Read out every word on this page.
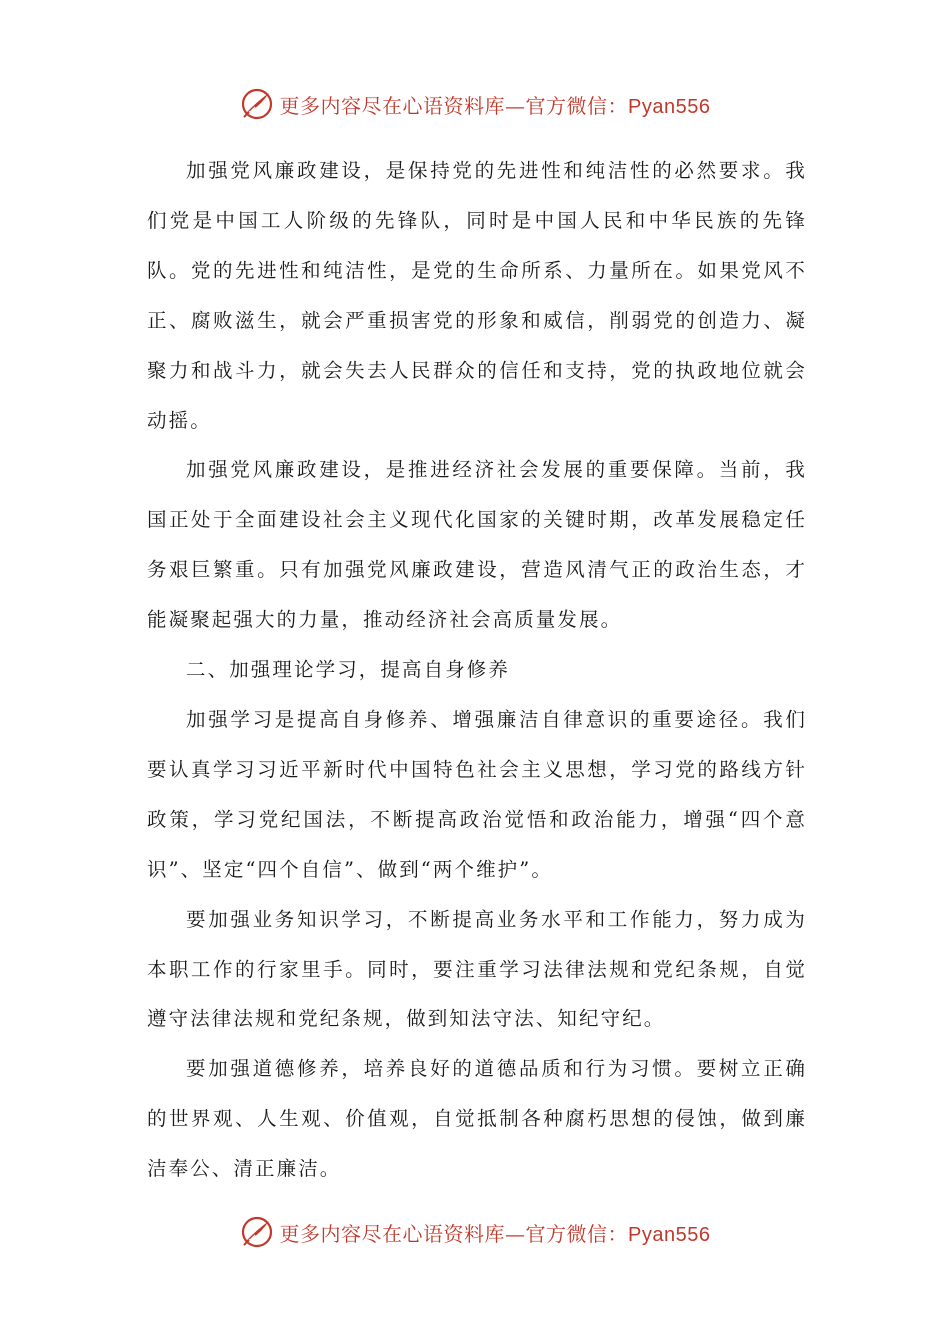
更多内容尽在心语资料库—官方微信：Pyan556

加强党风廉政建设，是保持党的先进性和纯洁性的必然要求。我们党是中国工人阶级的先锋队，同时是中国人民和中华民族的先锋队。党的先进性和纯洁性，是党的生命所系、力量所在。如果党风不正、腐败滋生，就会严重损害党的形象和威信，削弱党的创造力、凝聚力和战斗力，就会失去人民群众的信任和支持，党的执政地位就会动摇。

加强党风廉政建设，是推进经济社会发展的重要保障。当前，我国正处于全面建设社会主义现代化国家的关键时期，改革发展稳定任务艰巨繁重。只有加强党风廉政建设，营造风清气正的政治生态，才能凝聚起强大的力量，推动经济社会高质量发展。

二、加强理论学习，提高自身修养

加强学习是提高自身修养、增强廉洁自律意识的重要途径。我们要认真学习习近平新时代中国特色社会主义思想，学习党的路线方针政策，学习党纪国法，不断提高政治觉悟和政治能力，增强“四个意识”、坚定“四个自信”、做到“两个维护”。

要加强业务知识学习，不断提高业务水平和工作能力，努力成为本职工作的行家里手。同时，要注重学习法律法规和党纪条规，自觉遵守法律法规和党纪条规，做到知法守法、知纪守纪。

要加强道德修养，培养良好的道德品质和行为习惯。要树立正确的世界观、人生观、价值观，自觉抵制各种腐朽思想的侵蚀，做到廉洁奉公、清正廉洁。

更多内容尽在心语资料库—官方微信：Pyan556
